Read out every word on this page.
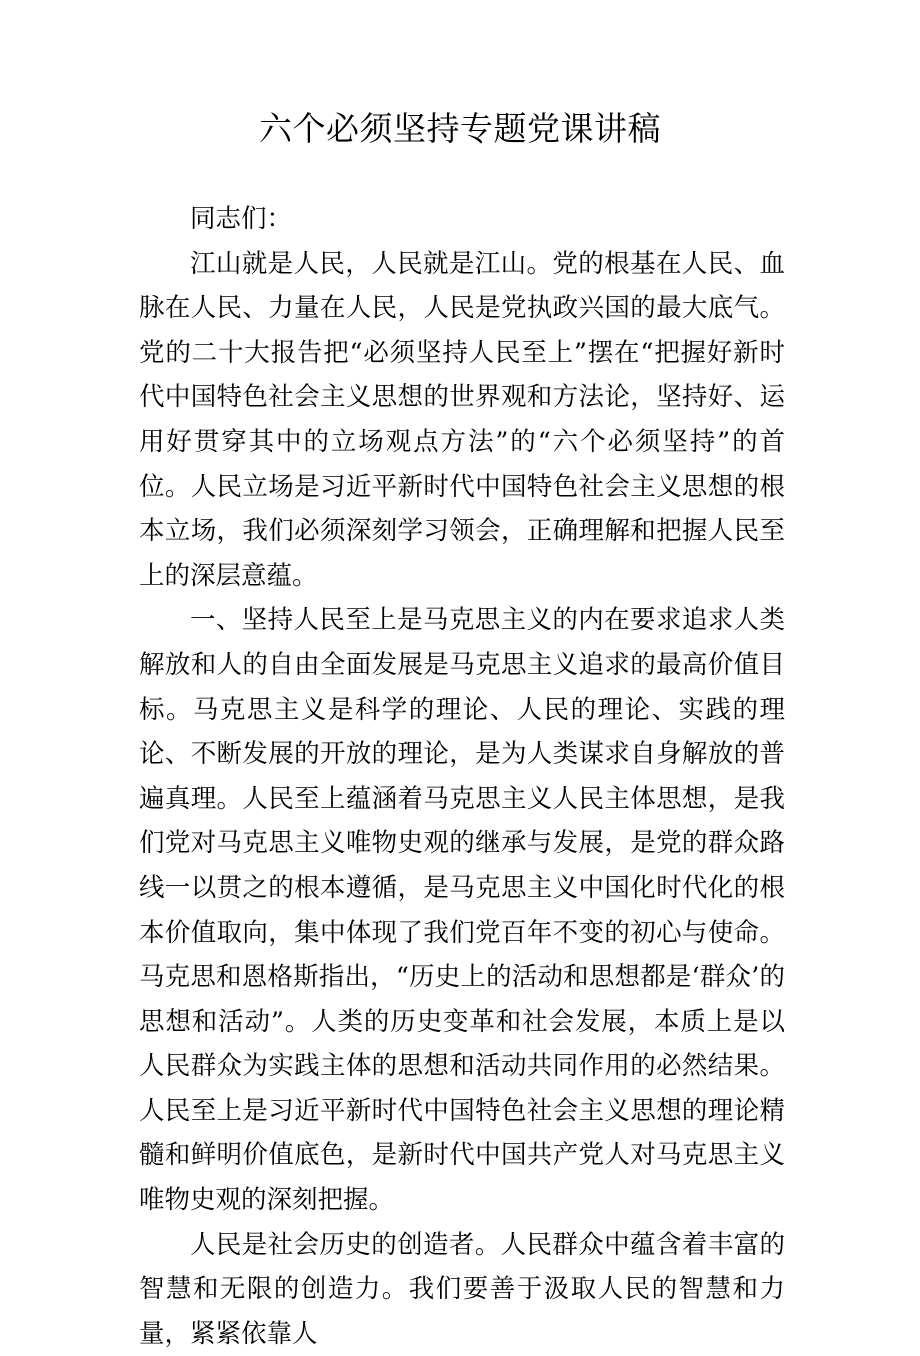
六个必须坚持专题党课讲稿

同志们：

江山就是人民，人民就是江山。党的根基在人民、血脉在人民、力量在人民，人民是党执政兴国的最大底气。党的二十大报告把“必须坚持人民至上”摆在“把握好新时代中国特色社会主义思想的世界观和方法论，坚持好、运用好贯穿其中的立场观点方法”的“六个必须坚持”的首位。人民立场是习近平新时代中国特色社会主义思想的根本立场，我们必须深刻学习领会，正确理解和把握人民至上的深层意蕴。

一、坚持人民至上是马克思主义的内在要求追求人类解放和人的自由全面发展是马克思主义追求的最高价值目标。马克思主义是科学的理论、人民的理论、实践的理论、不断发展的开放的理论，是为人类谋求自身解放的普遍真理。人民至上蕴涵着马克思主义人民主体思想，是我们党对马克思主义唯物史观的继承与发展，是党的群众路线一以贯之的根本遵循，是马克思主义中国化时代化的根本价值取向，集中体现了我们党百年不变的初心与使命。马克思和恩格斯指出，“历史上的活动和思想都是‘群众’的思想和活动”。人类的历史变革和社会发展，本质上是以人民群众为实践主体的思想和活动共同作用的必然结果。人民至上是习近平新时代中国特色社会主义思想的理论精髓和鲜明价值底色，是新时代中国共产党人对马克思主义唯物史观的深刻把握。

人民是社会历史的创造者。人民群众中蕴含着丰富的智慧和无限的创造力。我们要善于汲取人民的智慧和力量，紧紧依靠人
